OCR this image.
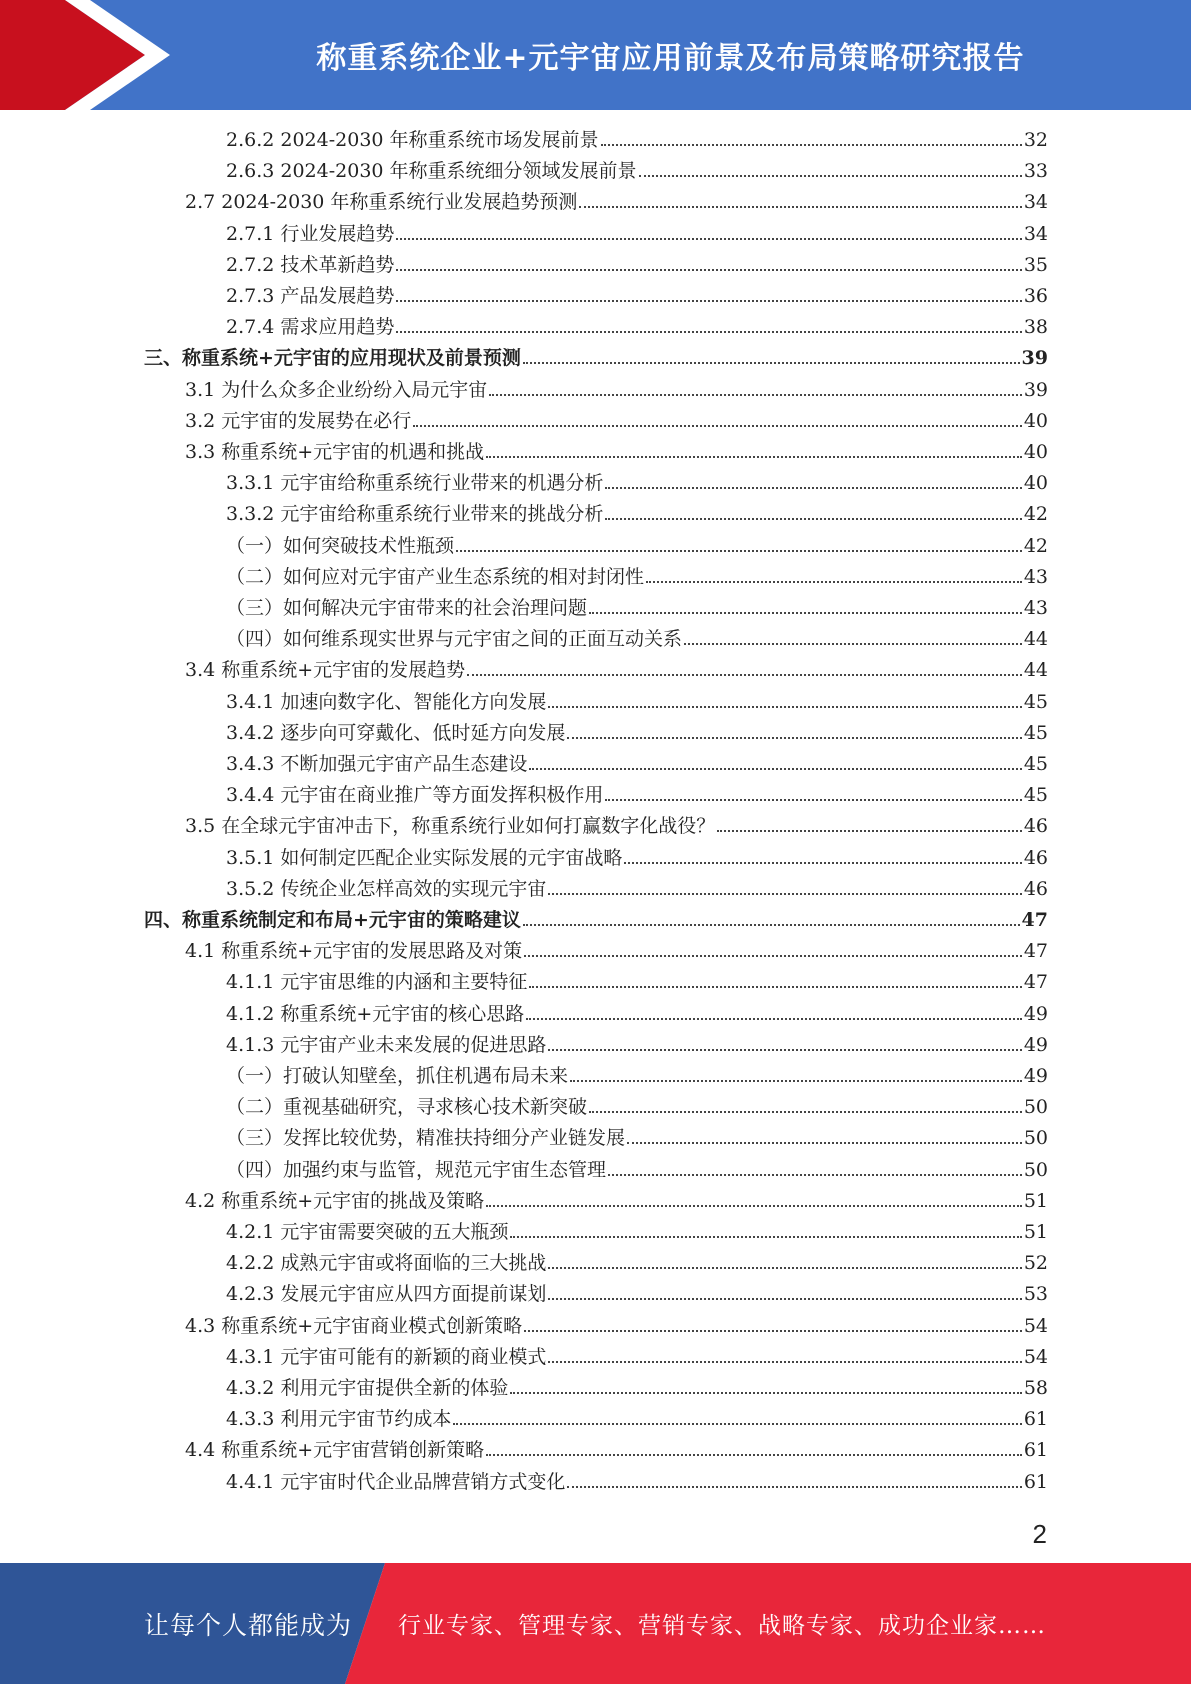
称重系统企业+元宇宙应用前景及布局策略研究报告
2.6.2 2024-2030 年称重系统市场发展前景	32
2.6.3 2024-2030 年称重系统细分领域发展前景	33
2.7 2024-2030 年称重系统行业发展趋势预测	34
2.7.1 行业发展趋势	34
2.7.2 技术革新趋势	35
2.7.3 产品发展趋势	36
2.7.4 需求应用趋势	38
三、称重系统+元宇宙的应用现状及前景预测	39
3.1 为什么众多企业纷纷入局元宇宙	39
3.2 元宇宙的发展势在必行	40
3.3 称重系统+元宇宙的机遇和挑战	40
3.3.1 元宇宙给称重系统行业带来的机遇分析	40
3.3.2 元宇宙给称重系统行业带来的挑战分析	42
（一）如何突破技术性瓶颈	42
（二）如何应对元宇宙产业生态系统的相对封闭性	43
（三）如何解决元宇宙带来的社会治理问题	43
（四）如何维系现实世界与元宇宙之间的正面互动关系	44
3.4 称重系统+元宇宙的发展趋势	44
3.4.1 加速向数字化、智能化方向发展	45
3.4.2 逐步向可穿戴化、低时延方向发展	45
3.4.3 不断加强元宇宙产品生态建设	45
3.4.4 元宇宙在商业推广等方面发挥积极作用	45
3.5 在全球元宇宙冲击下，称重系统行业如何打赢数字化战役？	46
3.5.1 如何制定匹配企业实际发展的元宇宙战略	46
3.5.2 传统企业怎样高效的实现元宇宙	46
四、称重系统制定和布局+元宇宙的策略建议	47
4.1 称重系统+元宇宙的发展思路及对策	47
4.1.1 元宇宙思维的内涵和主要特征	47
4.1.2 称重系统+元宇宙的核心思路	49
4.1.3 元宇宙产业未来发展的促进思路	49
（一）打破认知壁垒，抓住机遇布局未来	49
（二）重视基础研究，寻求核心技术新突破	50
（三）发挥比较优势，精准扶持细分产业链发展	50
（四）加强约束与监管，规范元宇宙生态管理	50
4.2 称重系统+元宇宙的挑战及策略	51
4.2.1 元宇宙需要突破的五大瓶颈	51
4.2.2 成熟元宇宙或将面临的三大挑战	52
4.2.3 发展元宇宙应从四方面提前谋划	53
4.3 称重系统+元宇宙商业模式创新策略	54
4.3.1 元宇宙可能有的新颖的商业模式	54
4.3.2 利用元宇宙提供全新的体验	58
4.3.3 利用元宇宙节约成本	61
4.4 称重系统+元宇宙营销创新策略	61
4.4.1 元宇宙时代企业品牌营销方式变化	61
2
让每个人都能成为 行业专家、管理专家、营销专家、战略专家、成功企业家……
